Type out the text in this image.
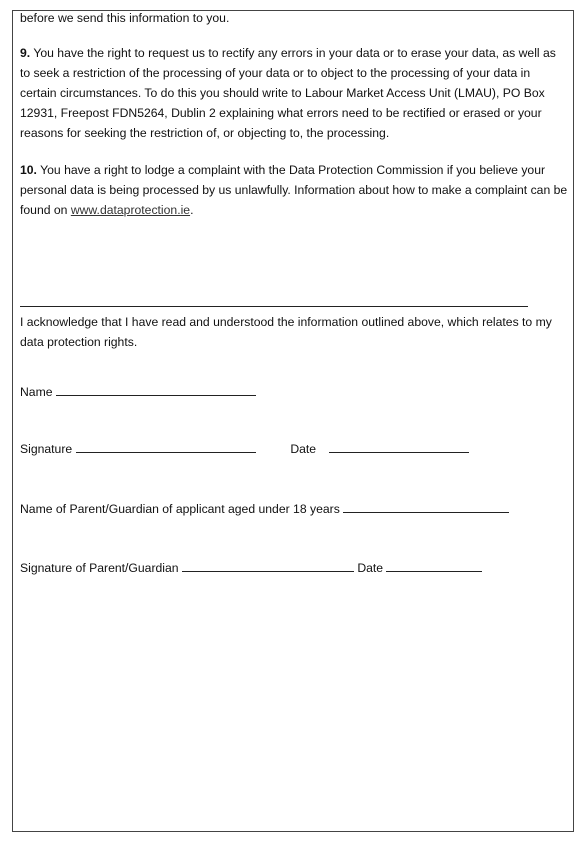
before we send this information to you.

9. You have the right to request us to rectify any errors in your data or to erase your data, as well as to seek a restriction of the processing of your data or to object to the processing of your data in certain circumstances. To do this you should write to Labour Market Access Unit (LMAU), PO Box 12931, Freepost FDN5264, Dublin 2 explaining what errors need to be rectified or erased or your reasons for seeking the restriction of, or objecting to, the processing.

10. You have a right to lodge a complaint with the Data Protection Commission if you believe your personal data is being processed by us unlawfully. Information about how to make a complaint can be found on www.dataprotection.ie.

I acknowledge that I have read and understood the information outlined above, which relates to my data protection rights.

Name
Signature	Date
Name of Parent/Guardian of applicant aged under 18 years
Signature of Parent/Guardian	Date
